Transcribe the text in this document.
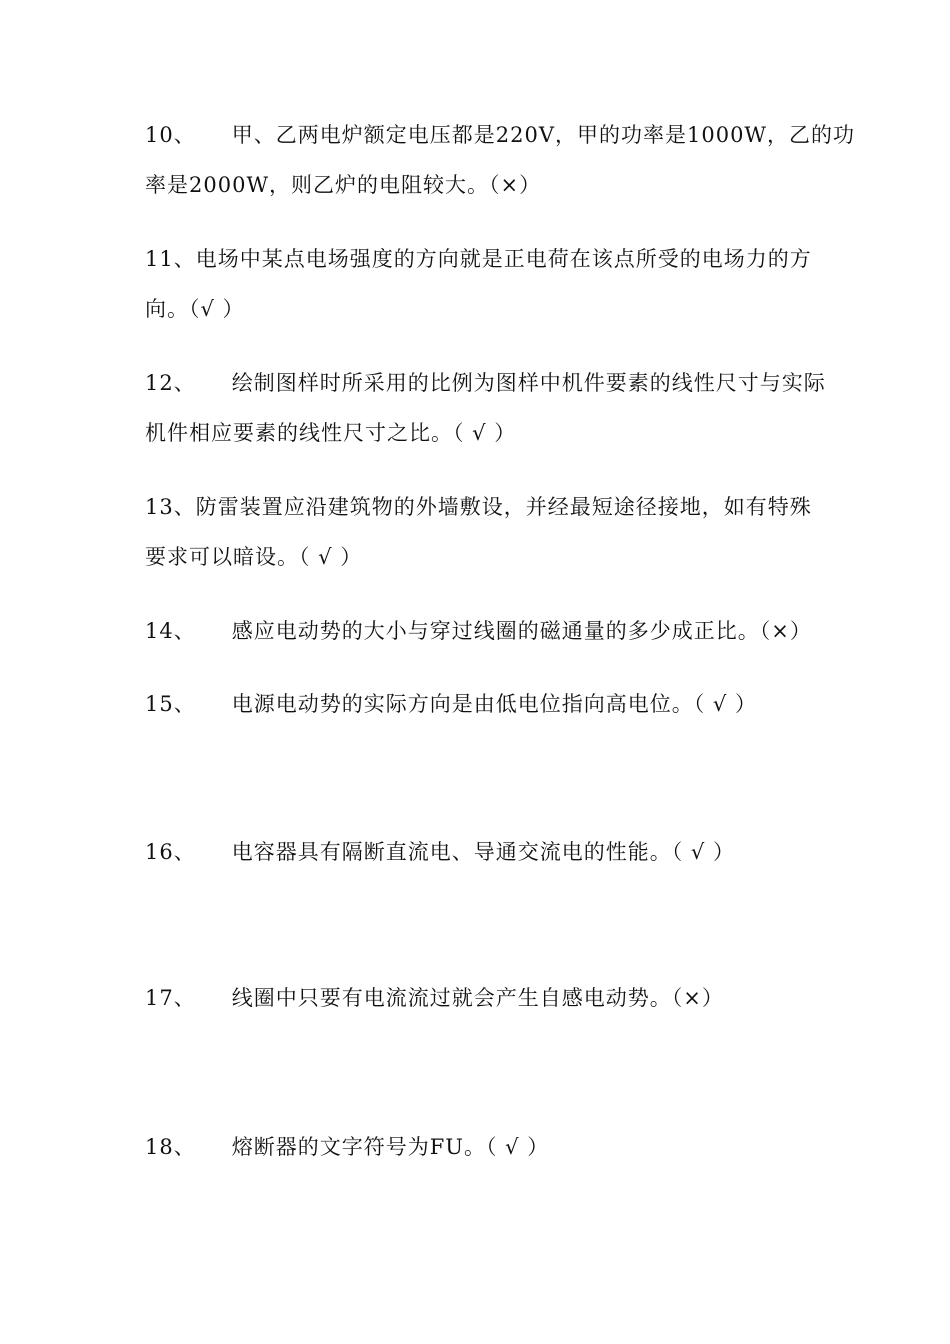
10、 甲、乙两电炉额定电压都是220V，甲的功率是1000W，乙的功
率是2000W，则乙炉的电阻较大。（×）
11、电场中某点电场强度的方向就是正电荷在该点所受的电场力的方
向。（√ ）
12、 绘制图样时所采用的比例为图样中机件要素的线性尺寸与实际
机件相应要素的线性尺寸之比。（ √ ）
13、防雷装置应沿建筑物的外墙敷设，并经最短途径接地，如有特殊
要求可以暗设。（ √ ）
14、 感应电动势的大小与穿过线圈的磁通量的多少成正比。（×）
15、 电源电动势的实际方向是由低电位指向高电位。（ √ ）
16、 电容器具有隔断直流电、导通交流电的性能。（ √ ）
17、 线圈中只要有电流流过就会产生自感电动势。（×）
18、 熔断器的文字符号为FU。（ √ ）
